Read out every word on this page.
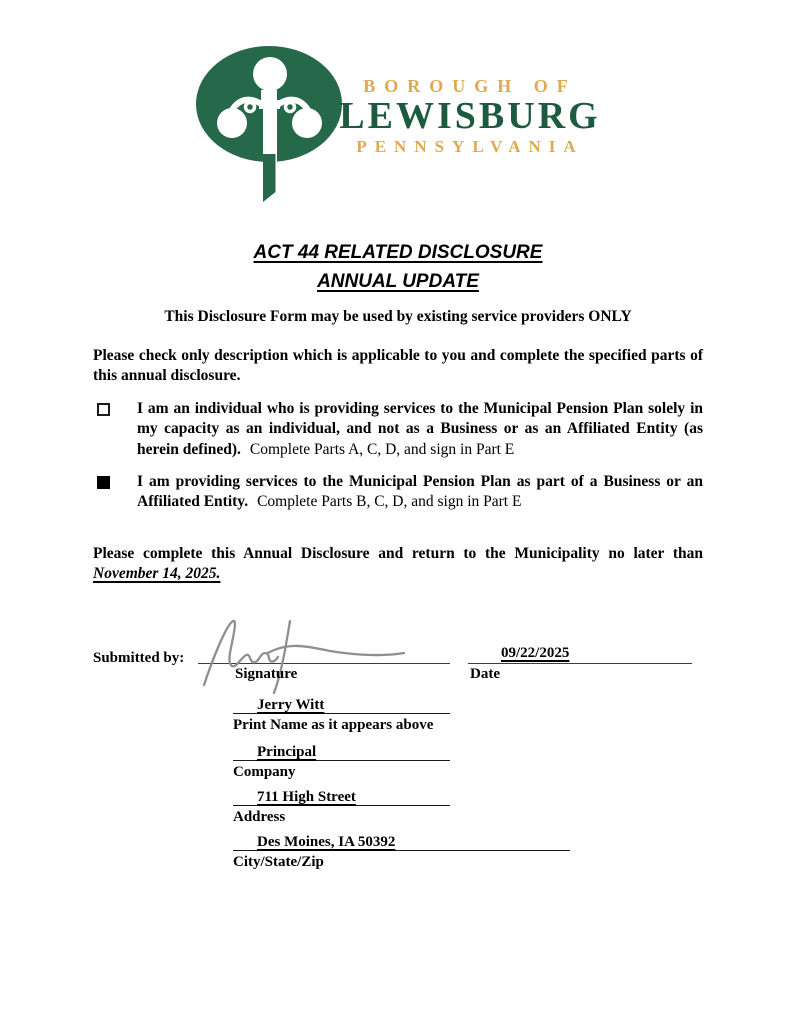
BOROUGH OF
LEWISBURG
PENNSYLVANIA
ACT 44 RELATED DISCLOSURE
ANNUAL UPDATE

This Disclosure Form may be used by existing service providers ONLY

Please check only description which is applicable to you and complete the specified parts of this annual disclosure.

I am an individual who is providing services to the Municipal Pension Plan solely in my capacity as an individual, and not as a Business or as an Affiliated Entity (as herein defined). Complete Parts A, C, D, and sign in Part E

I am providing services to the Municipal Pension Plan as part of a Business or an Affiliated Entity. Complete Parts B, C, D, and sign in Part E

Please complete this Annual Disclosure and return to the Municipality no later than
November 14, 2025.
Submitted by:
Signature
09/22/2025
Date
Jerry Witt
Print Name as it appears above
Principal
Company
711 High Street
Address
Des Moines, IA 50392
City/State/Zip
